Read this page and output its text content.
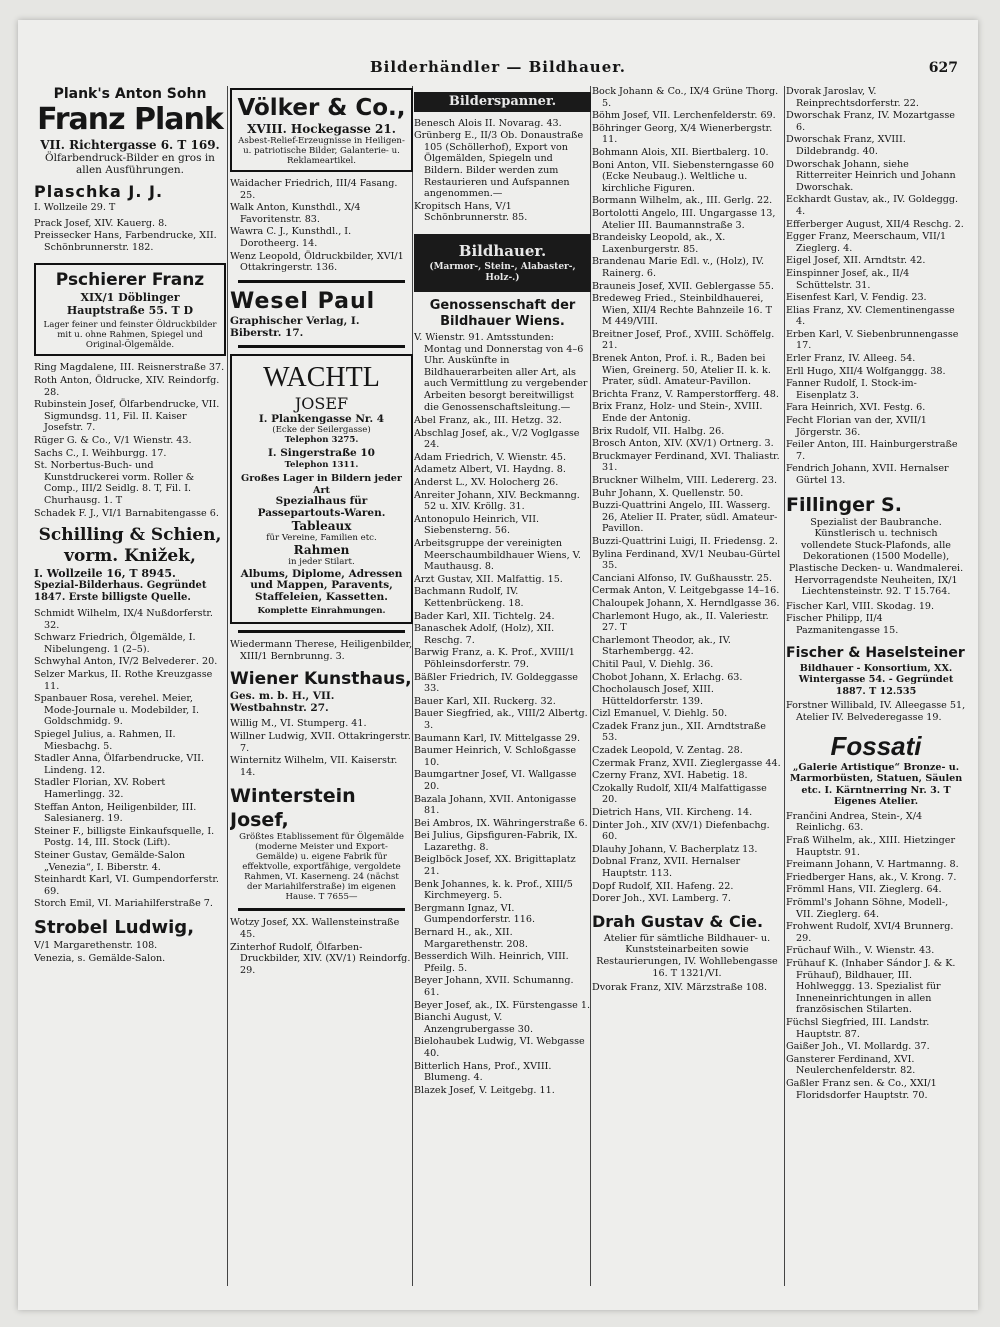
Bilderhändler — Bildhauer.	627
Plank's Anton Sohn
Franz Plank
VII. Richtergasse 6. T 169.
Ölfarbendruck-Bilder en gros in allen Ausführungen.
Plaschka J. J.
I. Wollzeile 29. T
Prack Josef, XIV. Kauerg. 8.
Preissecker Hans, Farbendrucke, XII. Schönbrunnerstr. 182.
Pschierer Franz
XIX/1 Döblinger Hauptstraße 55. T D
Lager feiner und feinster Öldruckbilder mit u. ohne Rahmen, Spiegel und Original-Ölgemälde.
Ring Magdalene, III. Reisnerstraße 37.
Roth Anton, Öldrucke, XIV. Reindorfg. 28.
Rubinstein Josef, Ölfarbendrucke, VII. Sigmundsg. 11, Fil. II. Kaiser Josefstr. 7.
Rüger G. & Co., V/1 Wienstr. 43.
Sachs C., I. Weihburgg. 17.
St. Norbertus-Buch- und Kunstdruckerei vorm. Roller & Comp., III/2 Seidlg. 8. T, Fil. I. Churhausg. 1. T
Schadek F. J., VI/1 Barnabitengasse 6.
Schilling & Schien, vorm. Knižek,
I. Wollzeile 16, T 8945.
Spezial-Bilderhaus. Gegründet 1847. Erste billigste Quelle.
Schmidt Wilhelm, IX/4 Nußdorferstr. 32.
Schwarz Friedrich, Ölgemälde, I. Nibelungeng. 1 (2–5).
Schwyhal Anton, IV/2 Belvederег. 20.
Selzer Markus, II. Rothe Kreuzgasse 11.
Spanbauer Rosa, verehel. Meier, Mode-Journale u. Modebilder, I. Goldschmidg. 9.
Spiegel Julius, a. Rahmen, II. Miesbachg. 5.
Stadler Anna, Ölfarbendrucke, VII. Lindeng. 12.
Stadler Florian, XV. Robert Hamerlingg. 32.
Steffan Anton, Heiligenbilder, III. Salesianerg. 19.
Steiner F., billigste Einkaufsquelle, I. Postg. 14, III. Stock (Lift).
Steiner Gustav, Gemälde-Salon „Venezia“, I. Biberstr. 4.
Steinhardt Karl, VI. Gumpendorferstr. 69.
Storch Emil, VI. Mariahilferstraße 7.
Strobel Ludwig,
V/1 Margarethenstr. 108.
Venezia, s. Gemälde-Salon.
Völker & Co.,
XVIII. Hockegasse 21.
Asbest-Relief-Erzeugnisse in Heiligen- u. patriotische Bilder, Galanterie- u. Reklameartikel.
Waidacher Friedrich, III/4 Fasang. 25.
Walk Anton, Kunsthdl., X/4 Favoritenstr. 83.
Wawra C. J., Kunsthdl., I. Dorotheerg. 14.
Wenz Leopold, Öldruckbilder, XVI/1 Ottakringerstr. 136.
Wesel Paul
Graphischer Verlag, I. Biberstr. 17.
WACHTL
JOSEF
I. Plankengasse Nr. 4
(Ecke der Seilergasse)
Telephon 3275.
I. Singerstraße 10
Telephon 1311.
Großes Lager in Bildern jeder Art
Spezialhaus für Passepartouts-Waren.
Tableaux
für Vereine, Familien etc.
Rahmen
in jeder Stilart.
Albums, Diplome, Adressen und Mappen, Paravents, Staffeleien, Kassetten.
Komplette Einrahmungen.
Wiedermann Therese, Heiligenbilder, XIII/1 Bernbrunng. 3.
Wiener Kunsthaus,
Ges. m. b. H., VII. Westbahnstr. 27.
Willig M., VI. Stumperg. 41.
Willner Ludwig, XVII. Ottakringerstr. 7.
Winternitz Wilhelm, VII. Kaiserstr. 14.
Winterstein Josef,
Größtes Etablissement für Ölgemälde (moderne Meister und Export-Gemälde) u. eigene Fabrik für effektvolle, exportfähige, vergoldete Rahmen, VI. Kaserneng. 24 (nächst der Mariahilferstraße) im eigenen Hause. T 7655—
Wotzy Josef, XX. Wallensteinstraße 45.
Zinterhof Rudolf, Ölfarben-Druckbilder, XIV. (XV/1) Reindorfg. 29.
Bilderspanner.
Benesch Alois II. Novarag. 43.
Grünberg E., II/3 Ob. Donaustraße 105 (Schöllerhof), Export von Ölgemälden, Spiegeln und Bildern. Bilder werden zum Restaurieren und Aufspannen angenommen.—
Kropitsch Hans, V/1 Schönbrunnerstr. 85.
Bildhauer.
(Marmor-, Stein-, Alabaster-, Holz-.)
Genossenschaft der Bildhauer Wiens.
V. Wienstr. 91. Amtsstunden: Montag und Donnerstag von 4–6 Uhr. Auskünfte in Bildhauerarbeiten aller Art, als auch Vermittlung zu vergebender Arbeiten besorgt bereitwilligst die Genossenschaftsleitung.—
Abel Franz, ak., III. Hetzg. 32.
Abschlag Josef, ak., V/2 Voglgasse 24.
Adam Friedrich, V. Wienstr. 45.
Adametz Albert, VI. Haydng. 8.
Anderst L., XV. Holocherg 26.
Anreiter Johann, XIV. Beckmanng. 52 u. XIV. Kröllg. 31.
Antonopulo Heinrich, VII. Siebensterng. 56.
Arbeitsgruppe der vereinigten Meerschaumbildhauer Wiens, V. Mauthausg. 8.
Arzt Gustav, XII. Malfattig. 15.
Bachmann Rudolf, IV. Kettenbrückeng. 18.
Bader Karl, XII. Tichtelg. 24.
Banaschek Adolf, (Holz), XII. Reschg. 7.
Barwig Franz, a. K. Prof., XVIII/1 Pöhleinsdorferstr. 79.
Bäßler Friedrich, IV. Goldeggasse 33.
Bauer Karl, XII. Ruckerg. 32.
Bauer Siegfried, ak., VIII/2 Albertg. 3.
Baumann Karl, IV. Mittelgasse 29.
Baumer Heinrich, V. Schloßgasse 10.
Baumgartner Josef, VI. Wallgasse 20.
Bazala Johann, XVII. Antonigasse 81.
Bei Ambros, IX. Währingerstraße 6.
Bei Julius, Gipsfiguren-Fabrik, IX. Lazarethg. 8.
Beiglböck Josef, XX. Brigittaplatz 21.
Benk Johannes, k. k. Prof., XIII/5 Kirchmeyerg. 5.
Bergmann Ignaz, VI. Gumpendorferstr. 116.
Bernard H., ak., XII. Margarethenstr. 208.
Besserdich Wilh. Heinrich, VIII. Pfeilg. 5.
Beyer Johann, XVII. Schumanng. 61.
Beyer Josef, ak., IX. Fürstengasse 1.
Bianchi August, V. Anzengrubergasse 30.
Bielohaubek Ludwig, VI. Webgasse 40.
Bitterlich Hans, Prof., XVIII. Blumeng. 4.
Blazek Josef, V. Leitgebg. 11.
Bock Johann & Co., IX/4 Grüne Thorg. 5.
Böhm Josef, VII. Lerchenfelderstr. 69.
Böhringer Georg, X/4 Wienerbergstr. 11.
Bohmann Alois, XII. Biertbalerg. 10.
Boni Anton, VII. Siebensterngasse 60 (Ecke Neubaug.). Weltliche u. kirchliche Figuren.
Bormann Wilhelm, ak., III. Gerlg. 22.
Bortolotti Angelo, III. Ungargasse 13, Atelier III. Baumannstraße 3.
Brandeisky Leopold, ak., X. Laxenburgerstr. 85.
Brandenau Marie Edl. v., (Holz), IV. Rainerg. 6.
Brauneis Josef, XVII. Geblergasse 55.
Bredeweg Fried., Steinbildhauerei, Wien, XII/4 Rechte Bahnzeile 16. T M 449/VIII.
Breitner Josef, Prof., XVIII. Schöffelg. 21.
Brenek Anton, Prof. i. R., Baden bei Wien, Greinerg. 50, Atelier II. k. k. Prater, südl. Amateur-Pavillon.
Brichta Franz, V. Ramperstorfferg. 48.
Brix Franz, Holz- und Stein-, XVIII. Ende der Antonig.
Brix Rudolf, VII. Halbg. 26.
Brosch Anton, XIV. (XV/1) Ortnerg. 3.
Bruckmayer Ferdinand, XVI. Thaliastr. 31.
Bruckner Wilhelm, VIII. Ledererg. 23.
Buhr Johann, X. Quellenstr. 50.
Buzzi-Quattrini Angelo, III. Wasserg. 26, Atelier II. Prater, südl. Amateur-Pavillon.
Buzzi-Quattrini Luigi, II. Friedensg. 2.
Bylina Ferdinand, XV/1 Neubau-Gürtel 35.
Canciani Alfonso, IV. Gußhausstr. 25.
Cermak Anton, V. Leitgebgasse 14–16.
Chaloupek Johann, X. Herndlgasse 36.
Charlemont Hugo, ak., II. Valeriestr. 27. T
Charlemont Theodor, ak., IV. Starhembergg. 42.
Chitil Paul, V. Diehlg. 36.
Chobot Johann, X. Erlachg. 63.
Chocholausch Josef, XIII. Hütteldorferstr. 139.
Cizl Emanuel, V. Diehlg. 50.
Czadek Franz jun., XII. Arndtstraße 53.
Czadek Leopold, V. Zentag. 28.
Czermak Franz, XVII. Zieglergasse 44.
Czerny Franz, XVI. Habetig. 18.
Czokally Rudolf, XII/4 Malfattigasse 20.
Dietrich Hans, VII. Kircheng. 14.
Dinter Joh., XIV (XV/1) Diefenbachg. 60.
Dlauhy Johann, V. Bacherplatz 13.
Dobnal Franz, XVII. Hernalser Hauptstr. 113.
Dopf Rudolf, XII. Hafeng. 22.
Dorer Joh., XVI. Lamberg. 7.
Drah Gustav & Cie.
Atelier für sämtliche Bildhauer- u. Kunststeinarbeiten sowie Restaurierungen, IV. Wohllebengasse 16. T 1321/VI.
Dvorak Franz, XIV. Märzstraße 108.
Dvorak Jaroslav, V. Reinprechtsdorferstr. 22.
Dworschak Franz, IV. Mozartgasse 6.
Dworschak Franz, XVIII. Dildebrandg. 40.
Dworschak Johann, siehe Ritterreiter Heinrich und Johann Dworschak.
Eckhardt Gustav, ak., IV. Goldeggg. 4.
Efferberger August, XII/4 Reschg. 2.
Egger Franz, Meerschaum, VII/1 Zieglerg. 4.
Eigel Josef, XII. Arndtstr. 42.
Einspinner Josef, ak., II/4 Schüttelstr. 31.
Eisenfest Karl, V. Fendig. 23.
Elias Franz, XV. Clementinengasse 4.
Erben Karl, V. Siebenbrunnengasse 17.
Erler Franz, IV. Alleeg. 54.
Erll Hugo, XII/4 Wolfganggg. 38.
Fanner Rudolf, I. Stock-im-Eisenplatz 3.
Fara Heinrich, XVI. Festg. 6.
Fecht Florian van der, XVII/1 Jörgerstr. 36.
Feiler Anton, III. Hainburgerstraße 7.
Fendrich Johann, XVII. Hernalser Gürtel 13.
Fillinger S.
Spezialist der Baubranche. Künstlerisch u. technisch vollendete Stuck-Plafonds, alle Dekorationen (1500 Modelle), Plastische Decken- u. Wandmalerei. Hervorragendste Neuheiten, IX/1 Liechtensteinstr. 92. T 15.764.
Fischer Karl, VIII. Skodag. 19.
Fischer Philipp, II/4 Pazmanitengasse 15.
Fischer & Haselsteiner
Bildhauer - Konsortium, XX. Wintergasse 54. - Gegründet 1887. T 12.535
Forstner Willibald, IV. Alleegasse 51, Atelier IV. Belvederegasse 19.
Fossati
„Galerie Artistique“ Bronze- u. Marmorbüsten, Statuen, Säulen etc. I. Kärntnerring Nr. 3. T Eigenes Atelier.
Frančini Andrea, Stein-, X/4 Reinlichg. 63.
Fraß Wilhelm, ak., XIII. Hietzinger Hauptstr. 91.
Freimann Johann, V. Hartmanng. 8.
Friedberger Hans, ak., V. Krong. 7.
Frömml Hans, VII. Zieglerg. 64.
Frömml's Johann Söhne, Modell-, VII. Zieglerg. 64.
Frohwent Rudolf, XVI/4 Brunnerg. 29.
Früchauf Wilh., V. Wienstr. 43.
Frühauf K. (Inhaber Sándor J. & K. Frühauf), Bildhauer, III. Hohlweggg. 13. Spezialist für Inneneinrichtungen in allen französischen Stilarten.
Füchsl Siegfried, III. Landstr. Hauptstr. 87.
Gaißer Joh., VI. Mollardg. 37.
Gansterer Ferdinand, XVI. Neulerchenfelderstr. 82.
Gaßler Franz sen. & Co., XXI/1 Floridsdorfer Hauptstr. 70.
